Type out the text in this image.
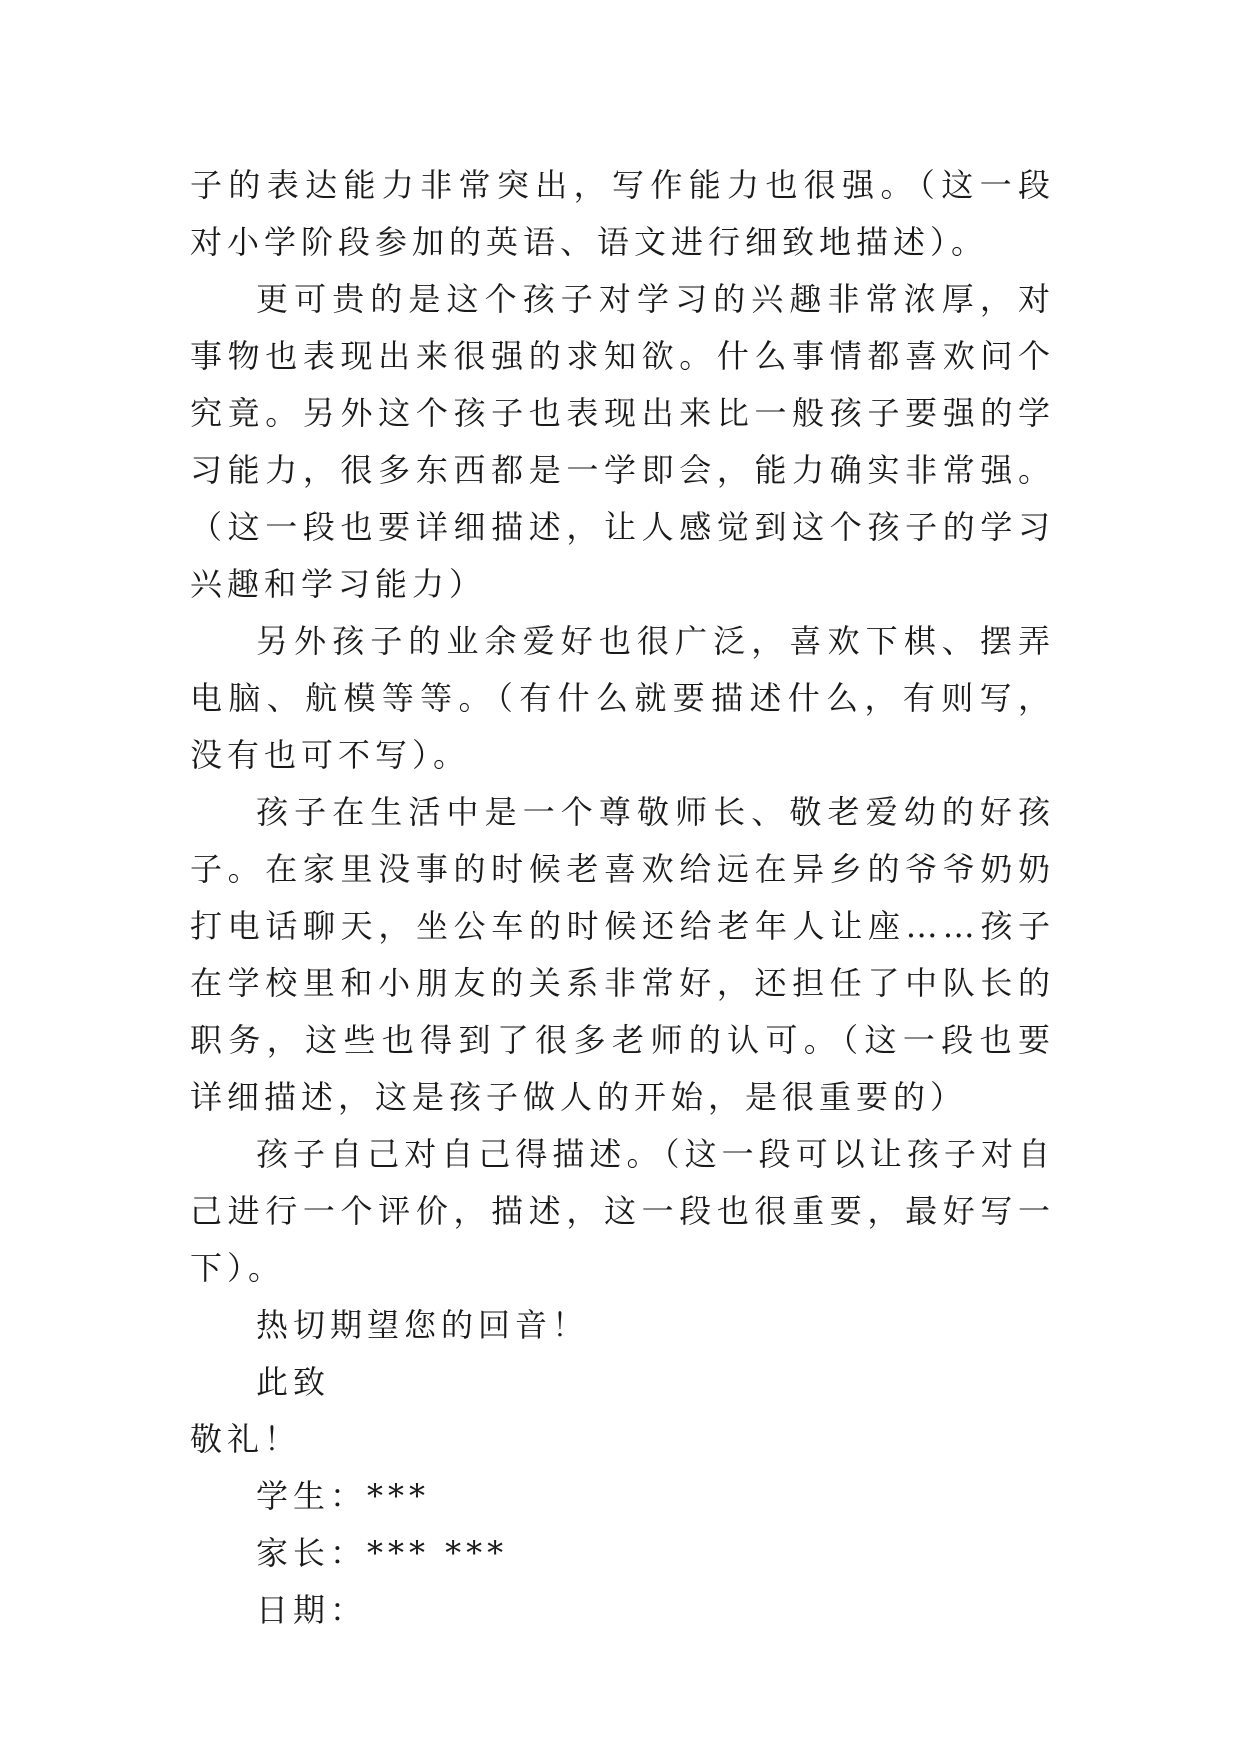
子的表达能力非常突出，写作能力也很强。（这一段对小学阶段参加的英语、语文进行细致地描述）。

更可贵的是这个孩子对学习的兴趣非常浓厚，对事物也表现出来很强的求知欲。什么事情都喜欢问个究竟。另外这个孩子也表现出来比一般孩子要强的学习能力，很多东西都是一学即会，能力确实非常强。（这一段也要详细描述，让人感觉到这个孩子的学习兴趣和学习能力）

另外孩子的业余爱好也很广泛，喜欢下棋、摆弄电脑、航模等等。（有什么就要描述什么，有则写，没有也可不写）。

孩子在生活中是一个尊敬师长、敬老爱幼的好孩子。在家里没事的时候老喜欢给远在异乡的爷爷奶奶打电话聊天，坐公车的时候还给老年人让座……孩子在学校里和小朋友的关系非常好，还担任了中队长的职务，这些也得到了很多老师的认可。（这一段也要详细描述，这是孩子做人的开始，是很重要的）

孩子自己对自己得描述。（这一段可以让孩子对自己进行一个评价，描述，这一段也很重要，最好写一下）。

热切期望您的回音！

此致

敬礼！

学生：***

家长：*** ***

日期：
